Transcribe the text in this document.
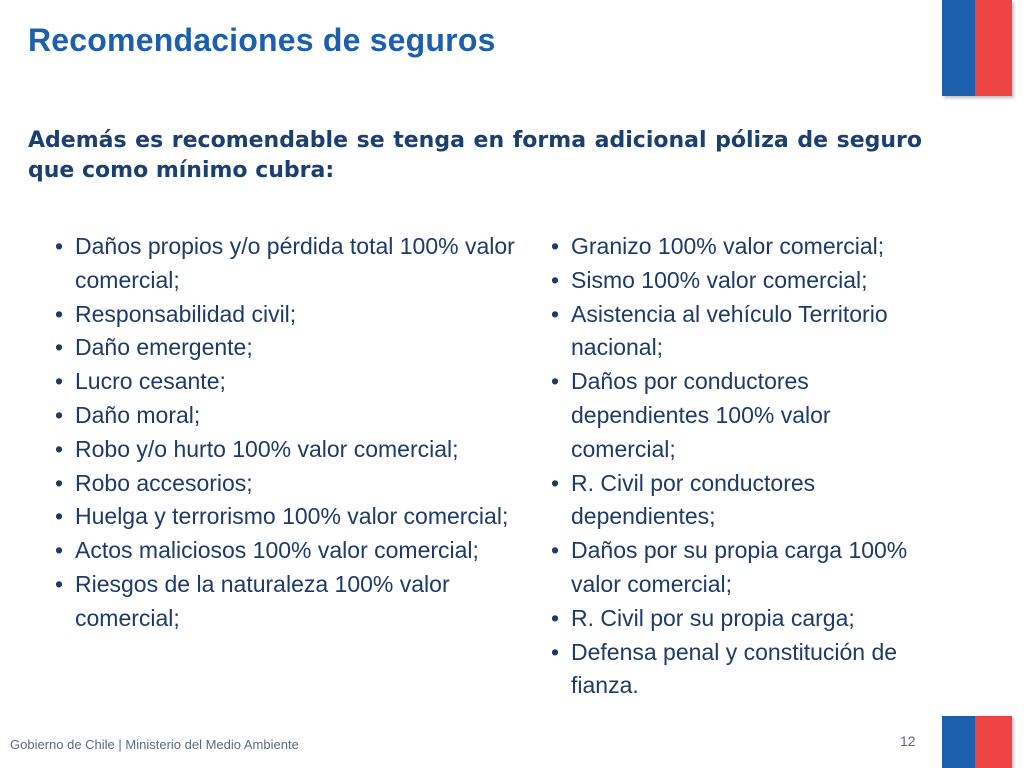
Recomendaciones de seguros

Además es recomendable se tenga en forma adicional póliza de seguro que como mínimo cubra:

• Daños propios y/o pérdida total 100% valor comercial;
• Responsabilidad civil;
• Daño emergente;
• Lucro cesante;
• Daño moral;
• Robo y/o hurto 100% valor comercial;
• Robo accesorios;
• Huelga y terrorismo 100% valor comercial;
• Actos maliciosos 100% valor comercial;
• Riesgos de la naturaleza 100% valor comercial;
• Granizo 100% valor comercial;
• Sismo 100% valor comercial;
• Asistencia al vehículo Territorio nacional;
• Daños por conductores dependientes 100% valor comercial;
• R. Civil por conductores dependientes;
• Daños por su propia carga 100% valor comercial;
• R. Civil por su propia carga;
• Defensa penal y constitución de fianza.
Gobierno de Chile | Ministerio del Medio Ambiente	12
